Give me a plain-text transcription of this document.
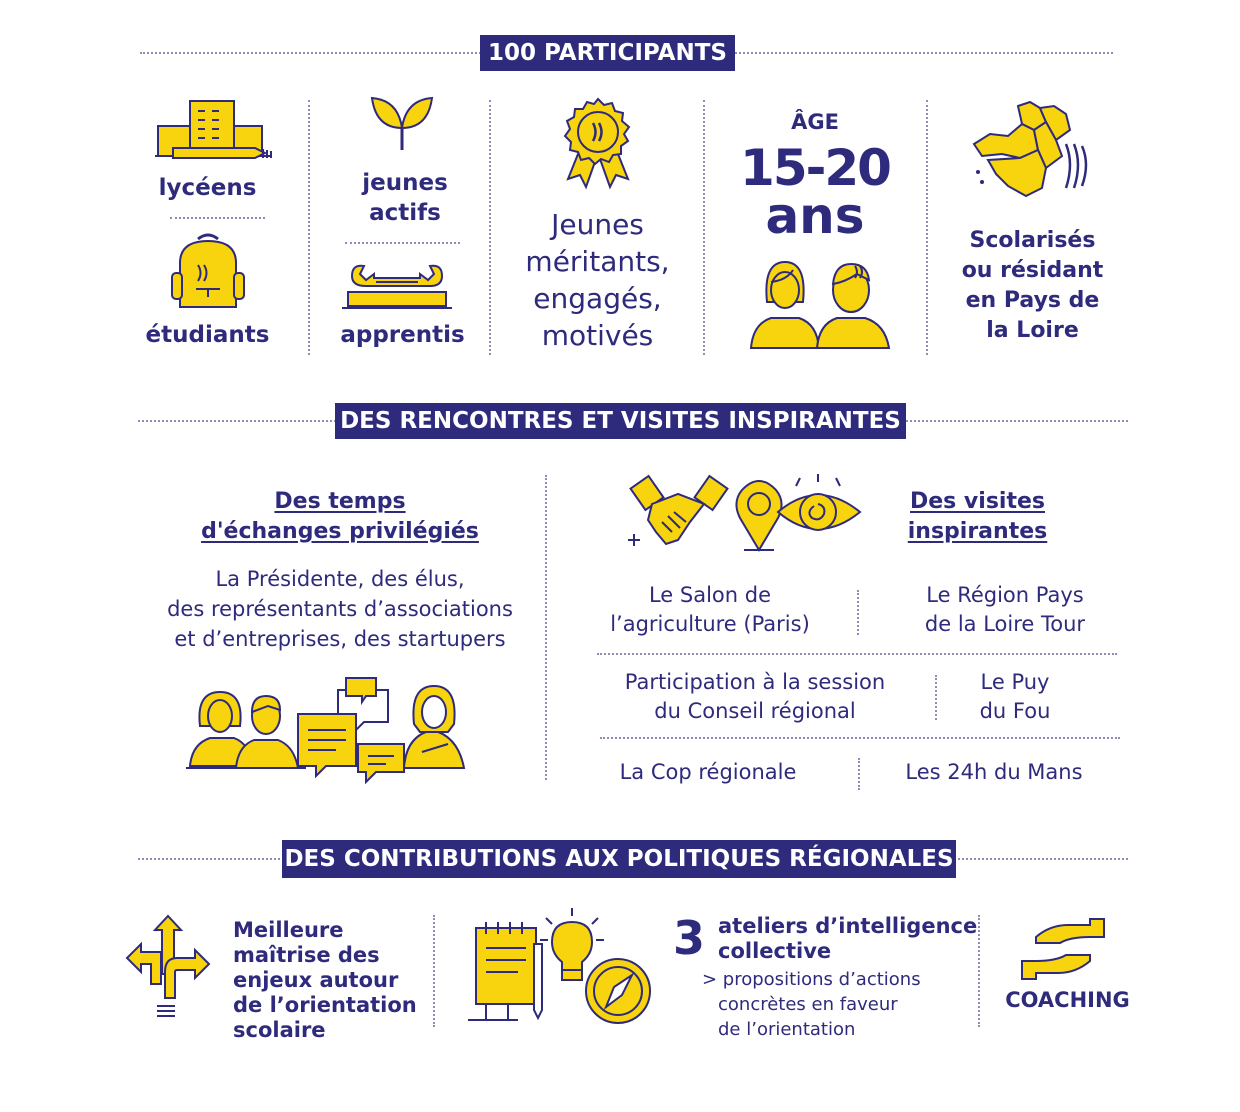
100 PARTICIPANTS
lycéens
étudiants
jeunes
actifs
apprentis
Jeunes
méritants,
engagés,
motivés
ÂGE
15-20
ans	Scolarisés
ou résidant
en Pays de
la Loire
DES RENCONTRES ET VISITES INSPIRANTES
Des temps
d'échanges privilégiés
La Présidente, des élus,
des représentants d’associations
et d’entreprises, des startupers
Des visites
inspirantes
Le Salon de
l’agriculture (Paris)
Le Région Pays
de la Loire Tour
Participation à la session
du Conseil régional
Le Puy
du Fou
La Cop régionale	Les 24h du Mans
DES CONTRIBUTIONS AUX POLITIQUES RÉGIONALES
Meilleure
maîtrise des
enjeux autour
de l’orientation
scolaire
3 ateliers d’intelligence
collective
> propositions d’actions
concrètes en faveur
de l’orientation
COACHING
